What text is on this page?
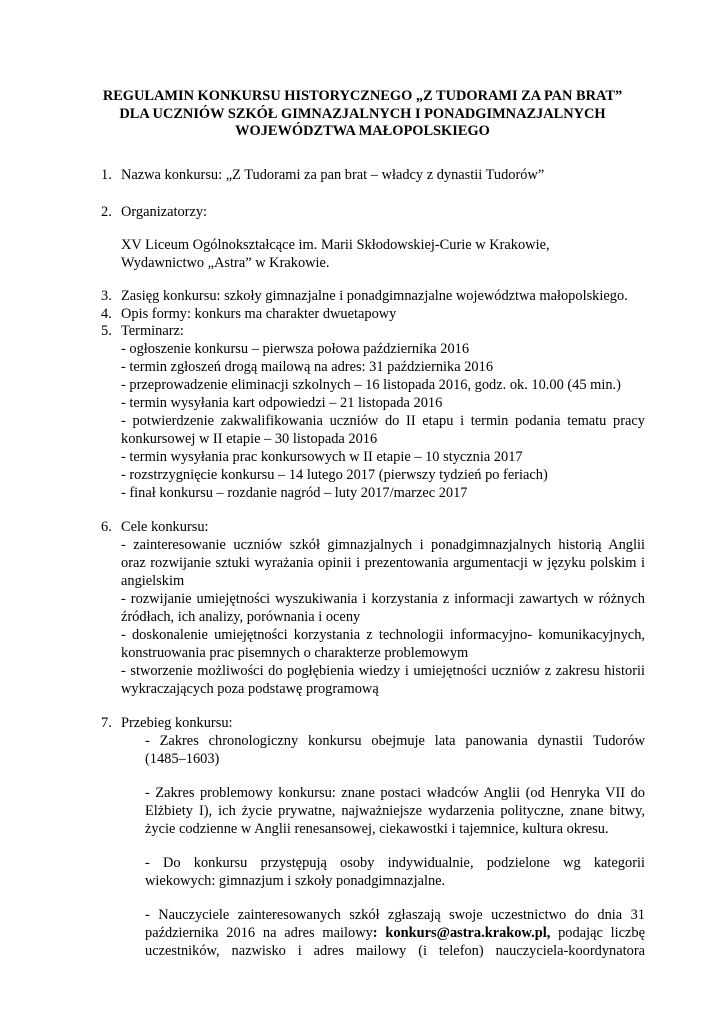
REGULAMIN KONKURSU HISTORYCZNEGO „Z TUDORAMI ZA PAN BRAT”
DLA UCZNIÓW SZKÓŁ GIMNAZJALNYCH I PONADGIMNAZJALNYCH
WOJEWÓDZTWA MAŁOPOLSKIEGO
1. Nazwa konkursu: „Z Tudorami za pan brat – władcy z dynastii Tudorów”
2. Organizatorzy:
XV Liceum Ogólnokształcące im. Marii Skłodowskiej-Curie w Krakowie,
Wydawnictwo „Astra” w Krakowie.
3. Zasięg konkursu: szkoły gimnazjalne i ponadgimnazjalne województwa małopolskiego.
4. Opis formy: konkurs ma charakter dwuetapowy
5. Terminarz:
- ogłoszenie konkursu – pierwsza połowa października 2016
- termin zgłoszeń drogą mailową na adres: 31 października 2016
- przeprowadzenie eliminacji szkolnych – 16 listopada 2016, godz. ok. 10.00 (45 min.)
- termin wysyłania kart odpowiedzi – 21 listopada 2016
- potwierdzenie zakwalifikowania uczniów do II etapu i termin podania tematu pracy
konkursowej w II etapie – 30 listopada 2016
- termin wysyłania prac konkursowych w II etapie – 10 stycznia 2017
- rozstrzygnięcie konkursu – 14 lutego 2017 (pierwszy tydzień po feriach)
- finał konkursu – rozdanie nagród – luty 2017/marzec 2017
6. Cele konkursu:
- zainteresowanie uczniów szkół gimnazjalnych i ponadgimnazjalnych historią Anglii
oraz rozwijanie sztuki wyrażania opinii i prezentowania argumentacji w języku polskim i
angielskim
- rozwijanie umiejętności wyszukiwania i korzystania z informacji zawartych w różnych
źródłach, ich analizy, porównania i oceny
- doskonalenie umiejętności korzystania z technologii informacyjno- komunikacyjnych,
konstruowania prac pisemnych o charakterze problemowym
- stworzenie możliwości do pogłębienia wiedzy i umiejętności uczniów z zakresu historii
wykraczających poza podstawę programową
7. Przebieg konkursu:
- Zakres chronologiczny konkursu obejmuje lata panowania dynastii Tudorów
(1485–1603)
- Zakres problemowy konkursu: znane postaci władców Anglii (od Henryka VII do
Elżbiety I), ich życie prywatne, najważniejsze wydarzenia polityczne, znane bitwy,
życie codzienne w Anglii renesansowej, ciekawostki i tajemnice, kultura okresu.
- Do konkursu przystępują osoby indywidualnie, podzielone wg kategorii
wiekowych: gimnazjum i szkoły ponadgimnazjalne.
- Nauczyciele zainteresowanych szkół zgłaszają swoje uczestnictwo do dnia 31
października 2016 na adres mailowy: konkurs@astra.krakow.pl, podając liczbę
uczestników, nazwisko i adres mailowy (i telefon) nauczyciela-koordynatora
